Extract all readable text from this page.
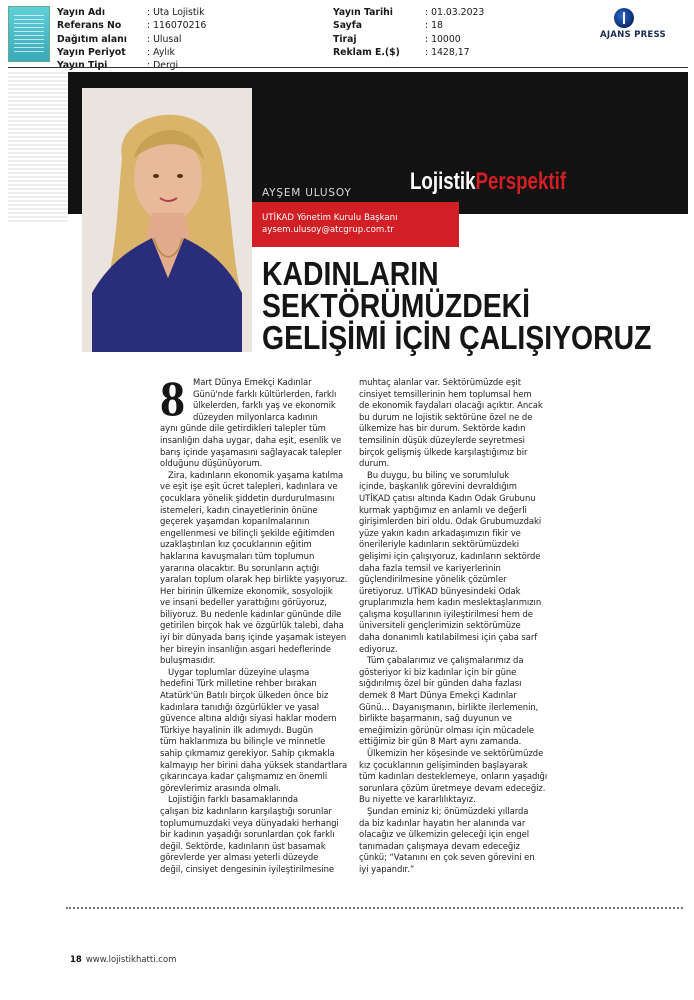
Yayın Adı	: Uta Lojistik
Referans No	: 116070216
Dağıtım alanı	: Ulusal
Yayın Periyot	: Aylık
Yayın Tipi	: Dergi
Yayın Tarihi	: 01.03.2023
Sayfa	: 18
Tiraj	: 10000
Reklam E.($)	: 1428,17
AJANS PRESS
AYŞEM ULUSOY
UTİKAD Yönetim Kurulu Başkanı
aysem.ulusoy@atcgrup.com.tr
LojistikPerspektif
KADINLARIN
SEKTÖRÜMÜZDEKİ
GELİŞİMİ İÇİN ÇALIŞIYORUZ
8 Mart Dünya Emekçi Kadınlar

Günü'nde farklı kültürlerden, farklı

ülkelerden, farklı yaş ve ekonomik

düzeyden milyonlarca kadının

aynı günde dile getirdikleri talepler tüm

insanlığın daha uygar, daha eşit, esenlik ve

barış içinde yaşamasını sağlayacak talepler

olduğunu düşünüyorum.

Zira, kadınların ekonomik yaşama katılma

ve eşit işe eşit ücret talepleri, kadınlara ve

çocuklara yönelik şiddetin durdurulmasını

istemeleri, kadın cinayetlerinin önüne

geçerek yaşamdan koparılmalarının

engellenmesi ve bilinçli şekilde eğitimden

uzaklaştırılan kız çocuklarının eğitim

haklarına kavuşmaları tüm toplumun

yararına olacaktır. Bu sorunların açtığı

yaraları toplum olarak hep birlikte yaşıyoruz.

Her birinin ülkemize ekonomik, sosyolojik

ve insani bedeller yarattığını görüyoruz,

biliyoruz. Bu nedenle kadınlar gününde dile

getirilen birçok hak ve özgürlük talebi, daha

iyi bir dünyada barış içinde yaşamak isteyen

her bireyin insanlığın asgari hedeflerinde

buluşmasıdır.

Uygar toplumlar düzeyine ulaşma

hedefini Türk milletine rehber bırakan

Atatürk'ün Batılı birçok ülkeden önce biz

kadınlara tanıdığı özgürlükler ve yasal

güvence altına aldığı siyasi haklar modern

Türkiye hayalinin ilk adımıydı. Bugün

tüm haklarımıza bu bilinçle ve minnetle

sahip çıkmamız gerekiyor. Sahip çıkmakla

kalmayıp her birini daha yüksek standartlara

çıkarıncaya kadar çalışmamız en önemli

görevlerimiz arasında olmalı.

Lojistiğin farklı basamaklarında

çalışan biz kadınların karşılaştığı sorunlar

toplumumuzdaki veya dünyadaki herhangi

bir kadının yaşadığı sorunlardan çok farklı

değil. Sektörde, kadınların üst basamak

görevlerde yer alması yeterli düzeyde

değil, cinsiyet dengesinin iyileştirilmesine

muhtaç alanlar var. Sektörümüzde eşit

cinsiyet temsillerinin hem toplumsal hem

de ekonomik faydaları olacağı açıktır. Ancak

bu durum ne lojistik sektörüne özel ne de

ülkemize has bir durum. Sektörde kadın

temsilinin düşük düzeylerde seyretmesi

birçok gelişmiş ülkede karşılaştığımız bir

durum.

Bu duygu, bu bilinç ve sorumluluk

içinde, başkanlık görevini devraldığım

UTİKAD çatısı altında Kadın Odak Grubunu

kurmak yaptığımız en anlamlı ve değerli

girişimlerden biri oldu. Odak Grubumuzdaki

yüze yakın kadın arkadaşımızın fikir ve

önerileriyle kadınların sektörümüzdeki

gelişimi için çalışıyoruz, kadınların sektörde

daha fazla temsil ve kariyerlerinin

güçlendirilmesine yönelik çözümler

üretiyoruz. UTİKAD bünyesindeki Odak

gruplarımızla hem kadın meslektaşlarımızın

çalışma koşullarının iyileştirilmesi hem de

üniversiteli gençlerimizin sektörümüze

daha donanımlı katılabilmesi için çaba sarf

ediyoruz.

Tüm çabalarımız ve çalışmalarımız da

gösteriyor ki biz kadınlar için bir güne

sığdırılmış özel bir günden daha fazlası

demek 8 Mart Dünya Emekçi Kadınlar

Günü… Dayanışmanın, birlikte ilerlemenin,

birlikte başarmanın, sağ duyunun ve

emeğimizin görünür olması için mücadele

ettiğimiz bir gün 8 Mart aynı zamanda.

Ülkemizin her köşesinde ve sektörümüzde

kız çocuklarının gelişiminden başlayarak

tüm kadınları desteklemeye, onların yaşadığı

sorunlara çözüm üretmeye devam edeceğiz.

Bu niyette ve kararlılıktayız.

Şundan eminiz ki; önümüzdeki yıllarda

da biz kadınlar hayatın her alanında var

olacağız ve ülkemizin geleceği için engel

tanımadan çalışmaya devam edeceğiz

çünkü; “Vatanını en çok seven görevini en

iyi yapandır.”

18 www.lojistikhatti.com
